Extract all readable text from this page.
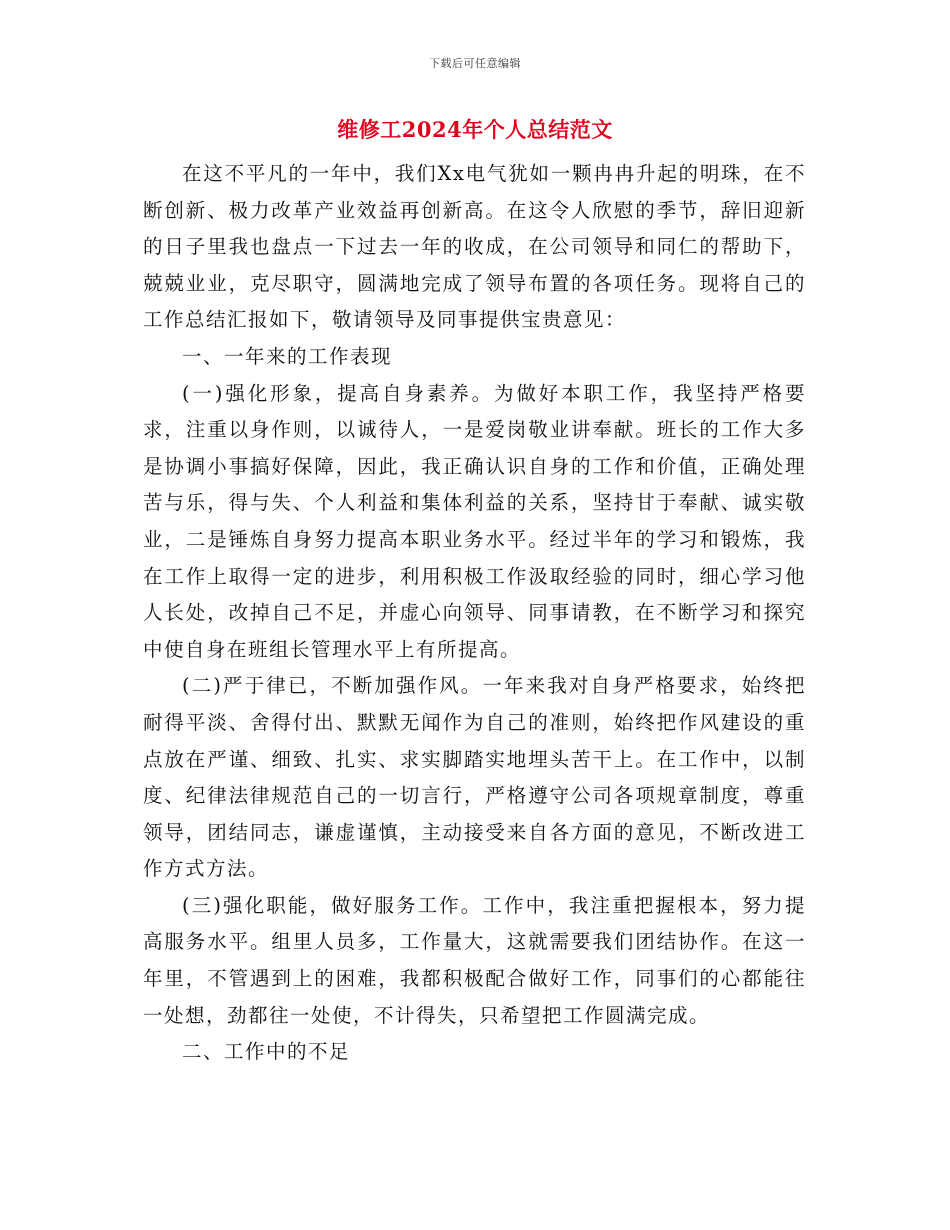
下载后可任意编辑
维修工2024年个人总结范文

在这不平凡的一年中，我们Xx电气犹如一颗冉冉升起的明珠，在不断创新、极力改革产业效益再创新高。在这令人欣慰的季节，辞旧迎新的日子里我也盘点一下过去一年的收成，在公司领导和同仁的帮助下，兢兢业业，克尽职守，圆满地完成了领导布置的各项任务。现将自己的工作总结汇报如下，敬请领导及同事提供宝贵意见：

一、一年来的工作表现

(一)强化形象，提高自身素养。为做好本职工作，我坚持严格要求，注重以身作则，以诚待人，一是爱岗敬业讲奉献。班长的工作大多是协调小事搞好保障，因此，我正确认识自身的工作和价值，正确处理苦与乐，得与失、个人利益和集体利益的关系，坚持甘于奉献、诚实敬业，二是锤炼自身努力提高本职业务水平。经过半年的学习和锻炼，我在工作上取得一定的进步，利用积极工作汲取经验的同时，细心学习他人长处，改掉自己不足，并虚心向领导、同事请教，在不断学习和探究中使自身在班组长管理水平上有所提高。

(二)严于律已，不断加强作风。一年来我对自身严格要求，始终把耐得平淡、舍得付出、默默无闻作为自己的准则，始终把作风建设的重点放在严谨、细致、扎实、求实脚踏实地埋头苦干上。在工作中，以制度、纪律法律规范自己的一切言行，严格遵守公司各项规章制度，尊重领导，团结同志，谦虚谨慎，主动接受来自各方面的意见，不断改进工作方式方法。

(三)强化职能，做好服务工作。工作中，我注重把握根本，努力提高服务水平。组里人员多，工作量大，这就需要我们团结协作。在这一年里，不管遇到上的困难，我都积极配合做好工作，同事们的心都能往一处想，劲都往一处使，不计得失，只希望把工作圆满完成。

二、工作中的不足
